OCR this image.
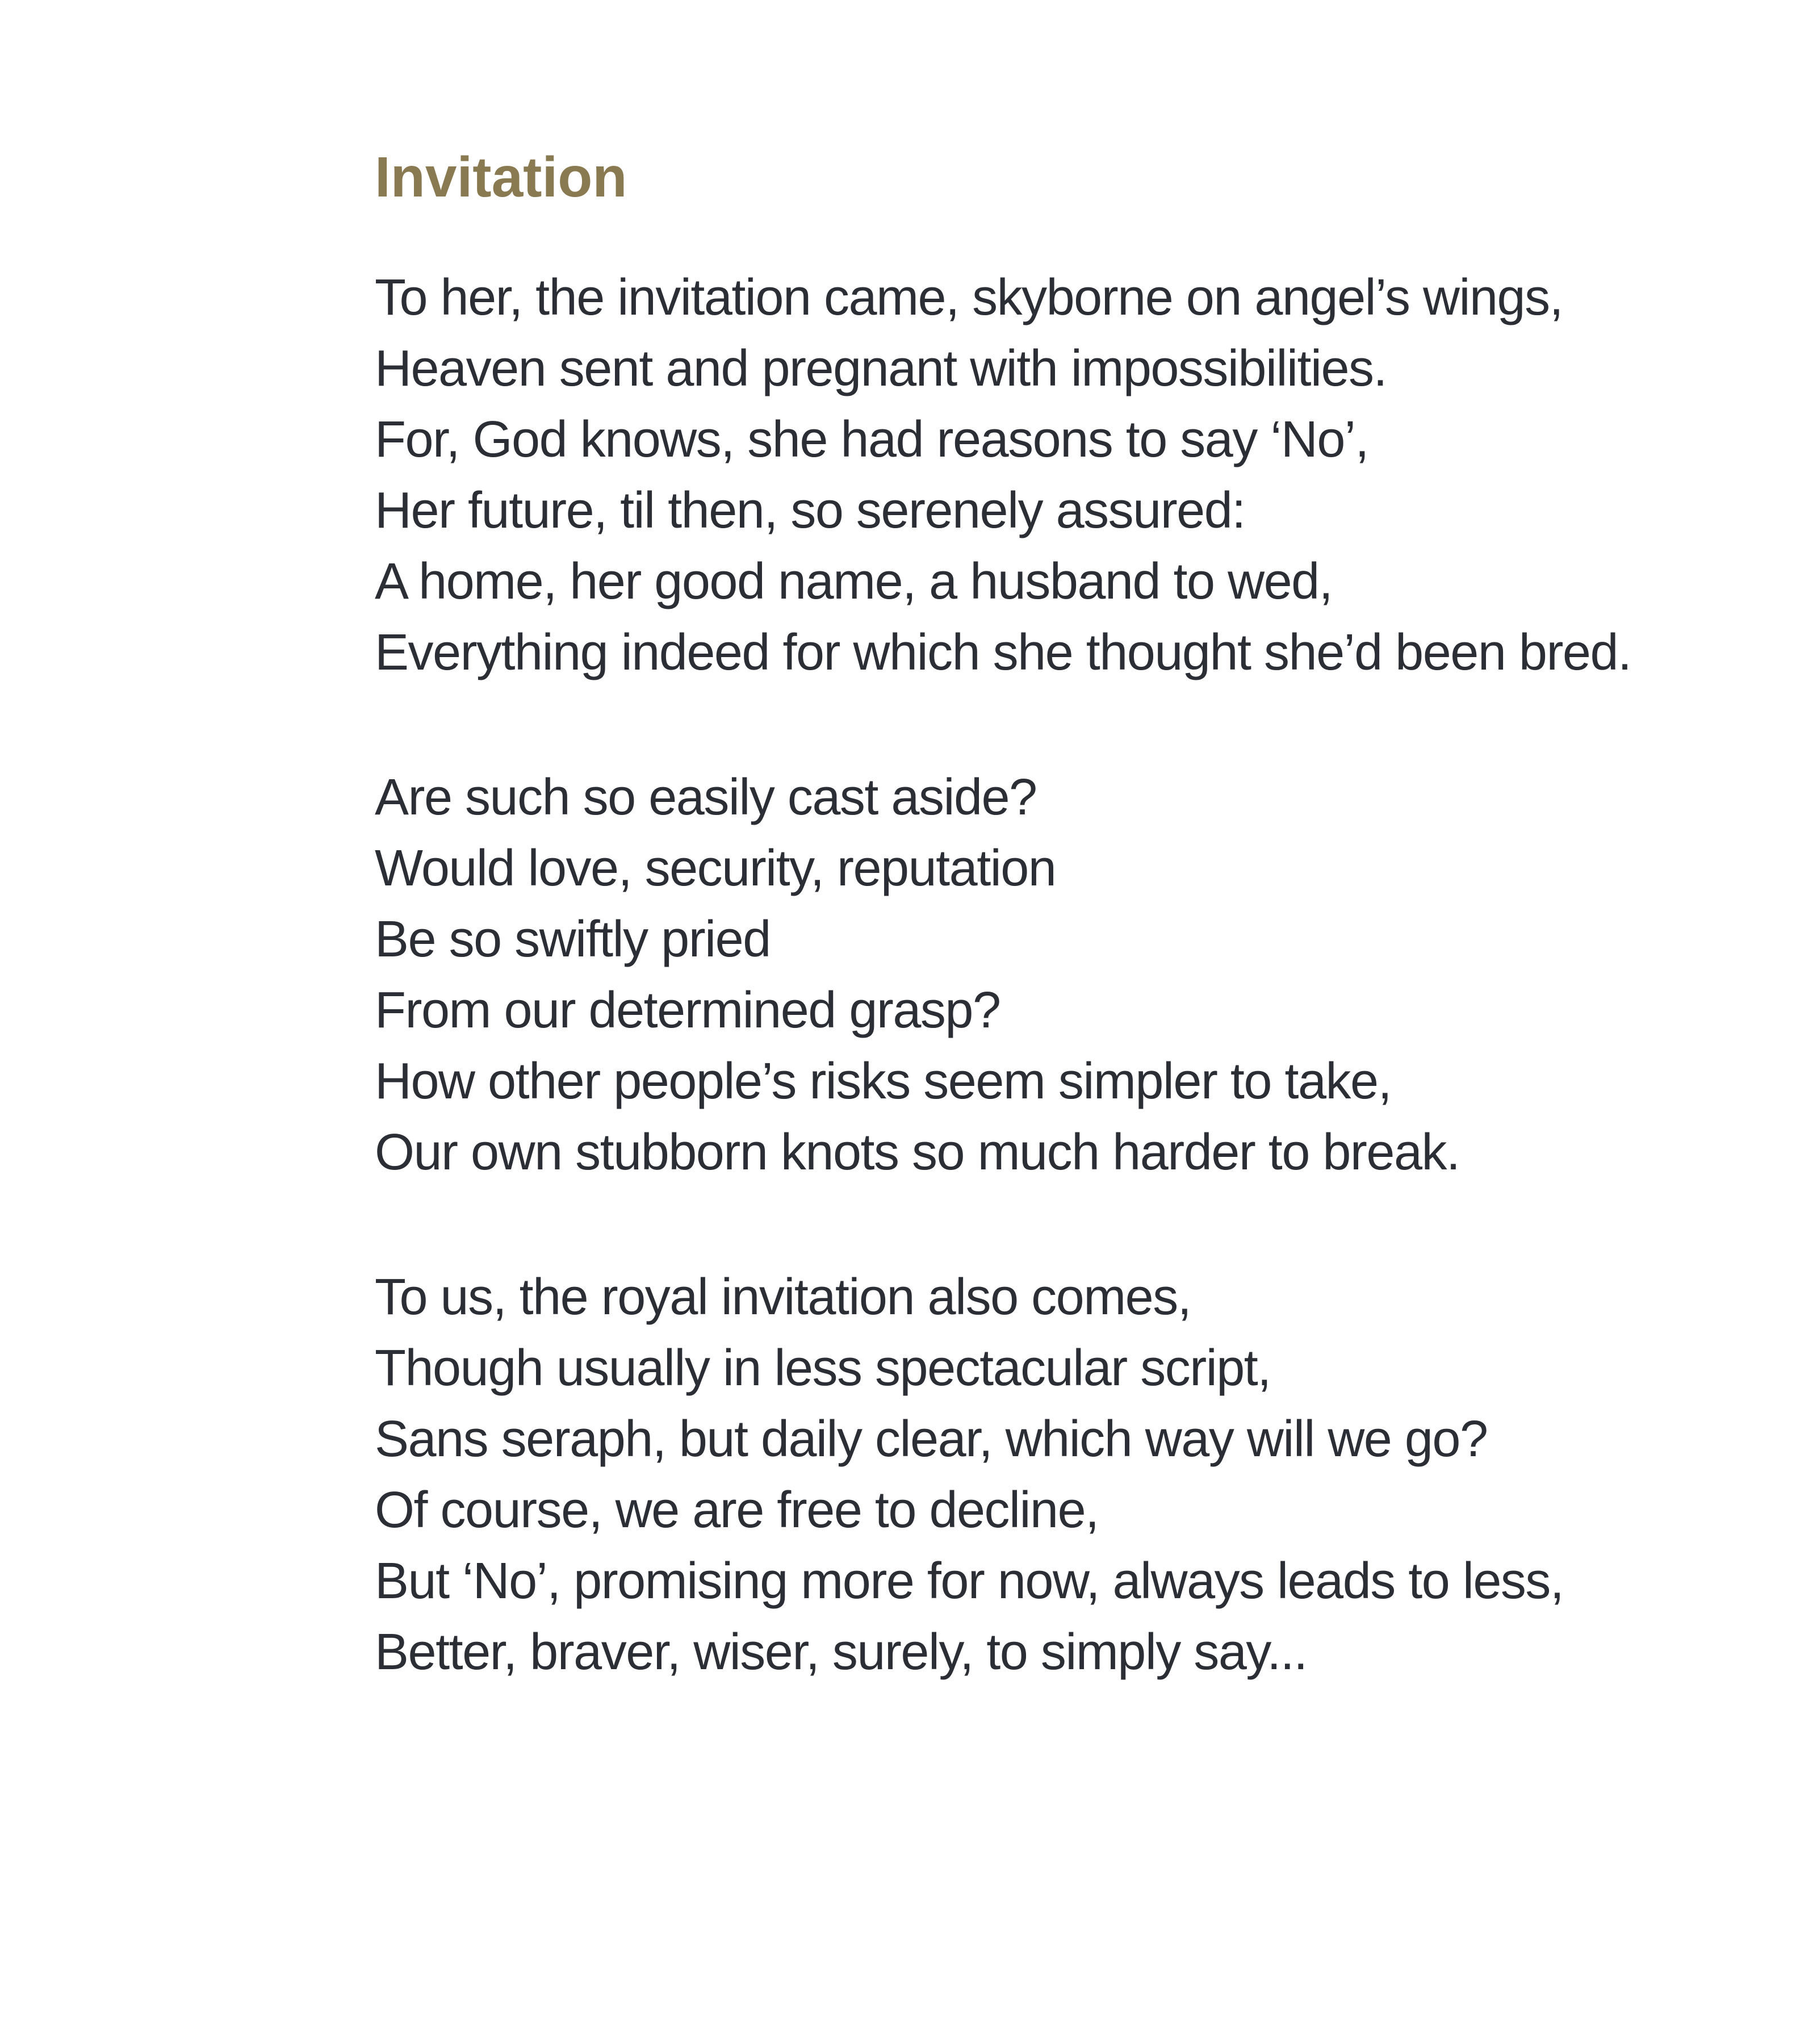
Invitation
To her, the invitation came, skyborne on angel’s wings,
Heaven sent and pregnant with impossibilities.
For, God knows, she had reasons to say ‘No’,
Her future, til then, so serenely assured:
A home, her good name, a husband to wed,
Everything indeed for which she thought she’d been bred.
Are such so easily cast aside?
Would love, security, reputation
Be so swiftly pried
From our determined grasp?
How other people’s risks seem simpler to take,
Our own stubborn knots so much harder to break.
To us, the royal invitation also comes,
Though usually in less spectacular script,
Sans seraph, but daily clear, which way will we go?
Of course, we are free to decline,
But ‘No’, promising more for now, always leads to less,
Better, braver, wiser, surely, to simply say...
